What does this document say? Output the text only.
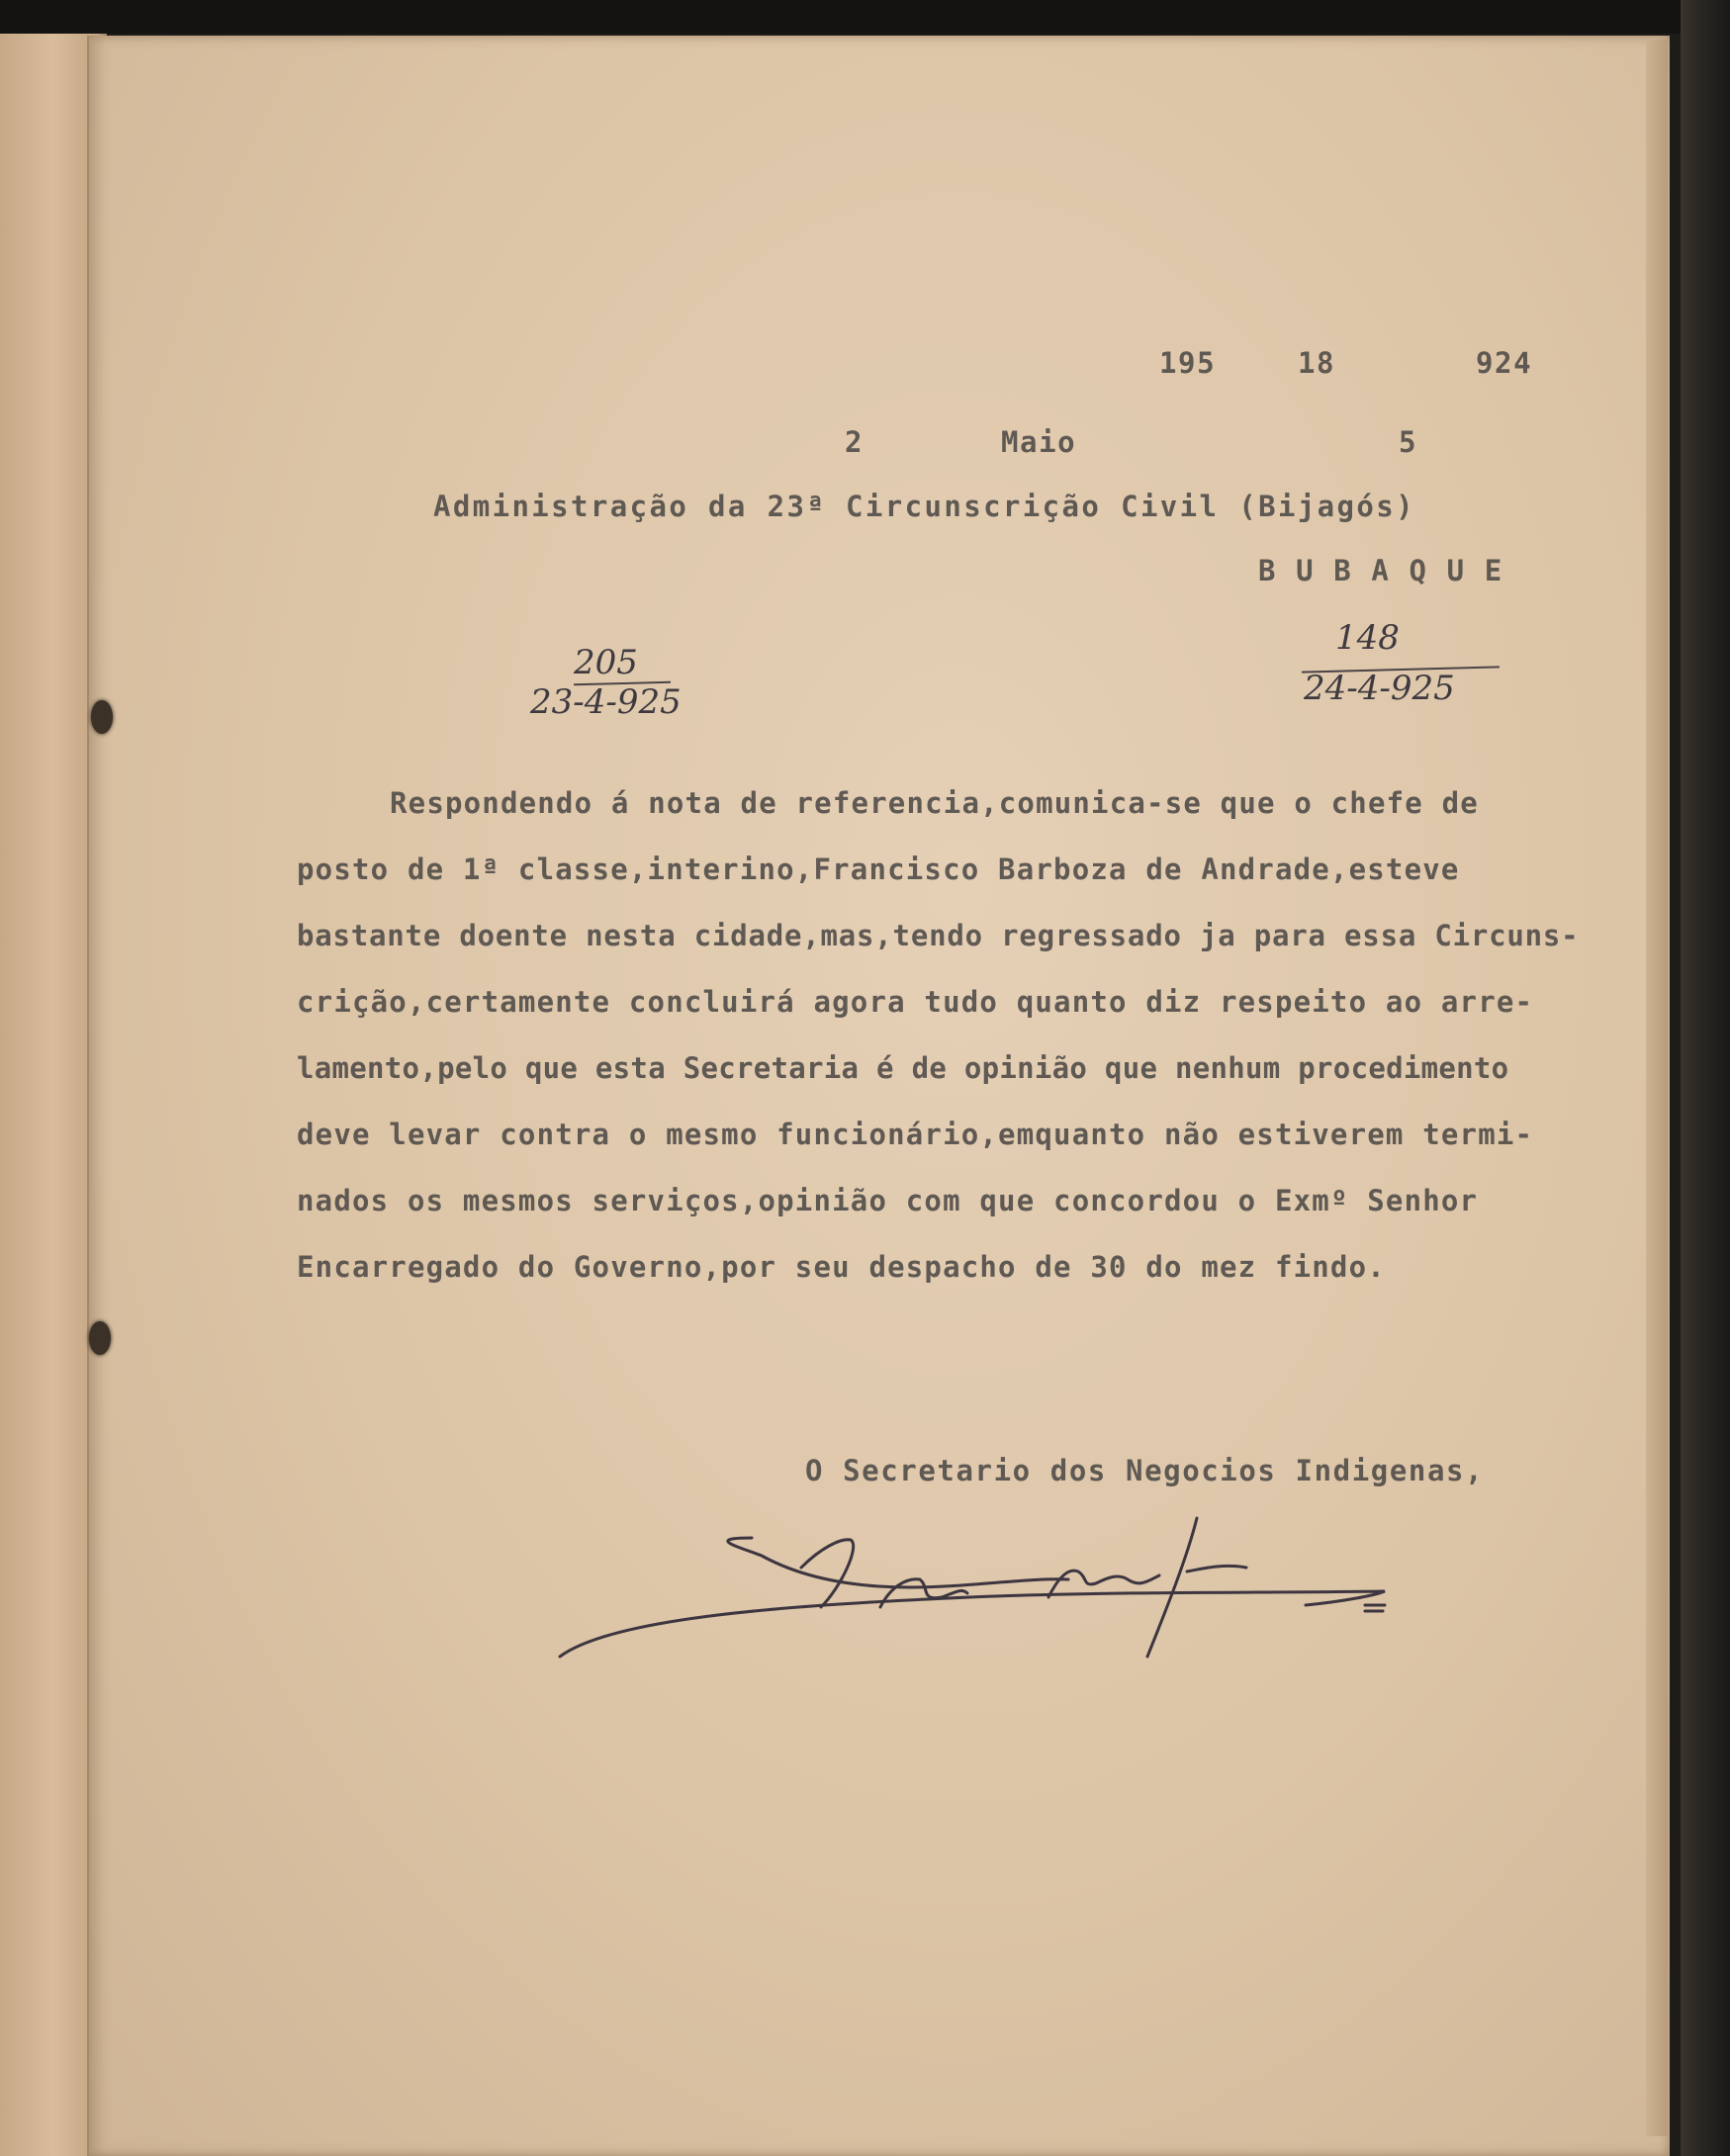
195	18	924
2	Maio	5
Administração da 23ª Circunscrição Civil (Bijagós)
B U B A Q U E
205
23-4-925
148
24-4-925
Respondendo á nota de referencia,comunica-se que o chefe de
posto de 1ª classe,interino,Francisco Barboza de Andrade,esteve
bastante doente nesta cidade,mas,tendo regressado ja para essa Circuns-
crição,certamente concluirá agora tudo quanto diz respeito ao arre-
lamento,pelo que esta Secretaria é de opinião que nenhum procedimento
deve levar contra o mesmo funcionário,emquanto não estiverem termi-
nados os mesmos serviços,opinião com que concordou o Exmº Senhor
Encarregado do Governo,por seu despacho de 30 do mez findo.
O Secretario dos Negocios Indigenas,
